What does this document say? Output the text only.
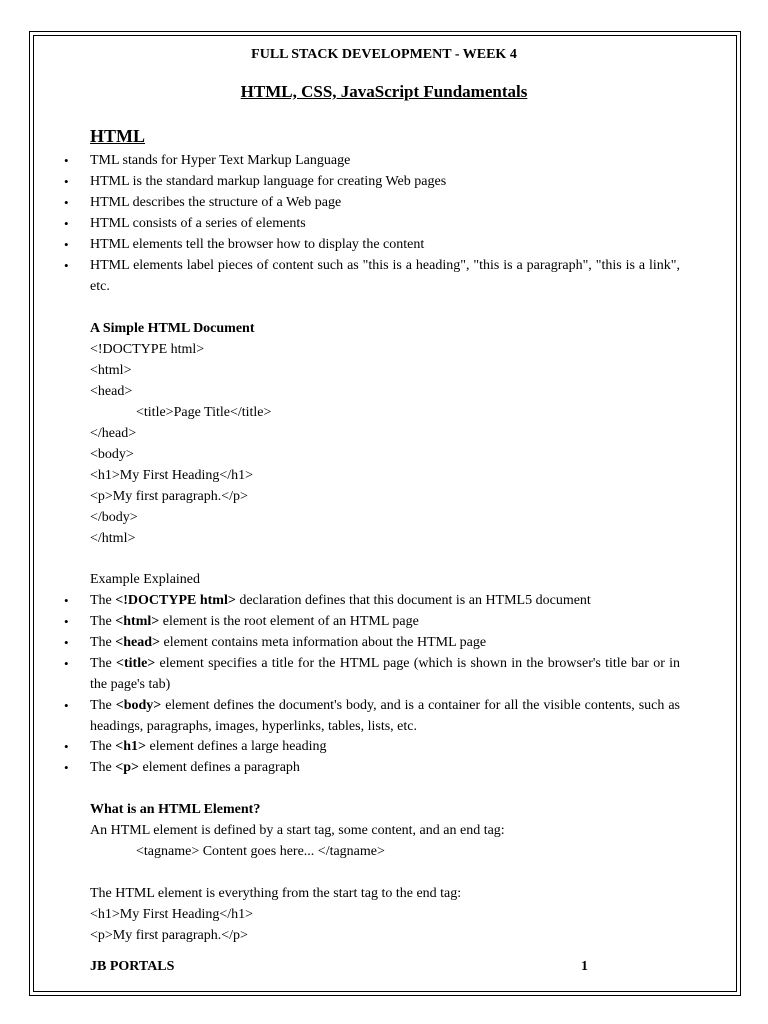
FULL STACK DEVELOPMENT - WEEK 4
HTML, CSS, JavaScript Fundamentals
HTML
• TML stands for Hyper Text Markup Language
• HTML is the standard markup language for creating Web pages
• HTML describes the structure of a Web page
• HTML consists of a series of elements
• HTML elements tell the browser how to display the content
• HTML elements label pieces of content such as "this is a heading", "this is a paragraph", "this is a link", etc.
A Simple HTML Document
<!DOCTYPE html>
<html>
<head>
<title>Page Title</title>
</head>
<body>
<h1>My First Heading</h1>
<p>My first paragraph.</p>
</body>
</html>
Example Explained
• The <!DOCTYPE html> declaration defines that this document is an HTML5 document
• The <html> element is the root element of an HTML page
• The <head> element contains meta information about the HTML page
• The <title> element specifies a title for the HTML page (which is shown in the browser's title bar or in the page's tab)
• The <body> element defines the document's body, and is a container for all the visible contents, such as headings, paragraphs, images, hyperlinks, tables, lists, etc.
• The <h1> element defines a large heading
• The <p> element defines a paragraph
What is an HTML Element?
An HTML element is defined by a start tag, some content, and an end tag:
<tagname> Content goes here... </tagname>
The HTML element is everything from the start tag to the end tag:
<h1>My First Heading</h1>
<p>My first paragraph.</p>
JB PORTALS	1
